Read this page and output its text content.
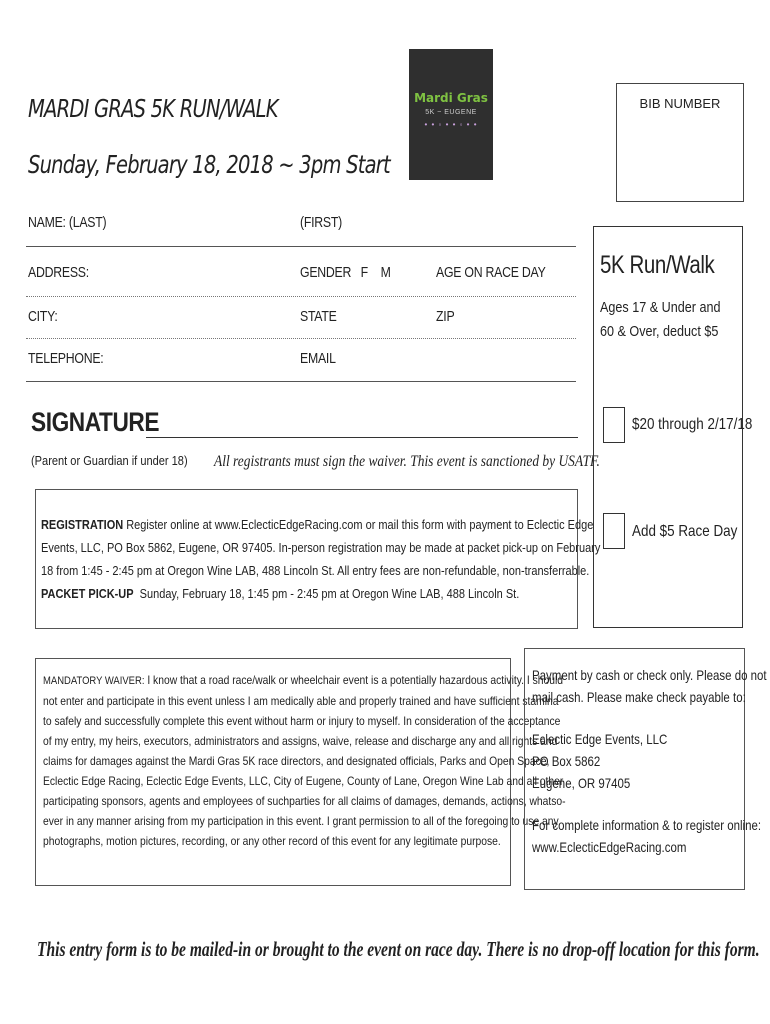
MARDI GRAS 5K RUN/WALK
Sunday, February 18, 2018 ~ 3pm Start
Mardi Gras
5K ~ EUGENE
• • ◦ • • ◦ • •
BIB NUMBER
NAME: (LAST)	(FIRST)
ADDRESS:	GENDER   F    M	AGE ON RACE DAY
CITY:	STATE	ZIP
TELEPHONE:	EMAIL
SIGNATURE
(Parent or Guardian if under 18) All registrants must sign the waiver. This event is sanctioned by USATF.
5K Run/Walk
Ages 17 & Under and
60 & Over, deduct $5
$20 through 2/17/18
Add $5 Race Day
REGISTRATION Register online at www.EclecticEdgeRacing.com or mail this form with payment to Eclectic Edge
Events, LLC, PO Box 5862, Eugene, OR 97405. In-person registration may be made at packet pick-up on February
18 from 1:45 - 2:45 pm at Oregon Wine LAB, 488 Lincoln St. All entry fees are non-refundable, non-transferrable.
PACKET PICK-UP  Sunday, February 18, 1:45 pm - 2:45 pm at Oregon Wine LAB, 488 Lincoln St.
MANDATORY WAIVER: I know that a road race/walk or wheelchair event is a potentially hazardous activity. I should
not enter and participate in this event unless I am medically able and properly trained and have sufficient stamina
to safely and successfully complete this event without harm or injury to myself. In consideration of the acceptance
of my entry, my heirs, executors, administrators and assigns, waive, release and discharge any and all rights and
claims for damages against the Mardi Gras 5K race directors, and designated officials, Parks and Open Space,
Eclectic Edge Racing, Eclectic Edge Events, LLC, City of Eugene, County of Lane, Oregon Wine Lab and all other
participating sponsors, agents and employees of suchparties for all claims of damages, demands, actions, whatso-
ever in any manner arising from my participation in this event. I grant permission to all of the foregoing to use any
photographs, motion pictures, recording, or any other record of this event for any legitimate purpose.
Payment by cash or check only. Please do not
mail cash. Please make check payable to:
Eclectic Edge Events, LLC
PO Box 5862
Eugene, OR 97405
For complete information & to register online:
www.EclecticEdgeRacing.com
This entry form is to be mailed-in or brought to the event on race day. There is no drop-off location for this form.
